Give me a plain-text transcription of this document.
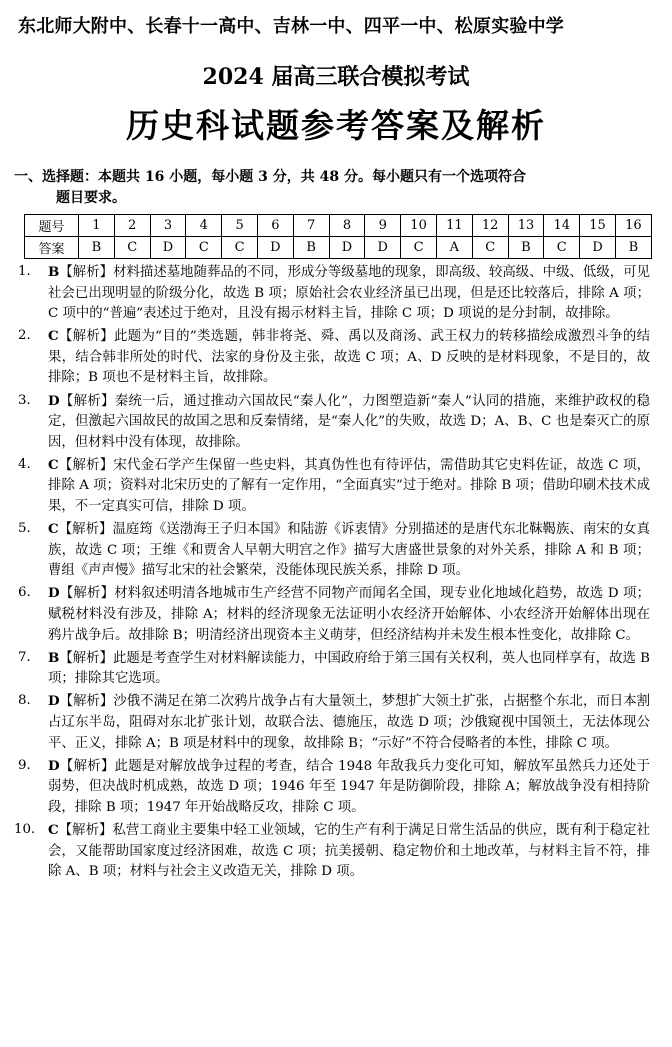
东北师大附中、长春十一高中、吉林一中、四平一中、松原实验中学
2024 届高三联合模拟考试
历史科试题参考答案及解析
一、选择题：本题共 16 小题，每小题 3 分，共 48 分。每小题只有一个选项符合
题目要求。
题号	1	2	3	4	5	6	7	8	9	10	11	12	13	14	15	16
答案	B	C	D	C	C	D	B	D	D	C	A	C	B	C	D	B
1． B【解析】材料描述墓地随葬品的不同，形成分等级墓地的现象，即高级、较高级、中级、低级，可见社会已出现明显的阶级分化，故选 B 项；原始社会农业经济虽已出现，但是还比较落后，排除 A 项；C 项中的“普遍”表述过于绝对，且没有揭示材料主旨，排除 C 项；D 项说的是分封制，故排除。
2． C【解析】此题为“目的”类选题，韩非将尧、舜、禹以及商汤、武王权力的转移描绘成激烈斗争的结果，结合韩非所处的时代、法家的身份及主张，故选 C 项；A、D 反映的是材料现象，不是目的，故排除；B 项也不是材料主旨，故排除。
3． D【解析】秦统一后，通过推动六国故民“秦人化”，力图塑造新“秦人”认同的措施，来维护政权的稳定，但激起六国故民的故国之思和反秦情绪，是“秦人化”的失败，故选 D；A、B、C 也是秦灭亡的原因，但材料中没有体现，故排除。
4． C【解析】宋代金石学产生保留一些史料，其真伪性也有待评估，需借助其它史料佐证，故选 C 项，排除 A 项；资料对北宋历史的了解有一定作用，“全面真实”过于绝对。排除 B 项；借助印刷术技术成果，不一定真实可信，排除 D 项。
5． C【解析】温庭筠《送渤海王子归本国》和陆游《诉衷情》分别描述的是唐代东北靺鞨族、南宋的女真族，故选 C 项；王维《和贾舍人早朝大明宫之作》描写大唐盛世景象的对外关系，排除 A 和 B 项；曹组《声声慢》描写北宋的社会繁荣，没能体现民族关系，排除 D 项。
6． D【解析】材料叙述明清各地城市生产经营不同物产而闻名全国，现专业化地域化趋势，故选 D 项；赋税材料没有涉及，排除 A；材料的经济现象无法证明小农经济开始解体、小农经济开始解体出现在鸦片战争后。故排除 B；明清经济出现资本主义萌芽，但经济结构并未发生根本性变化，故排除 C。
7． B【解析】此题是考查学生对材料解读能力，中国政府给于第三国有关权利，英人也同样享有，故选 B 项；排除其它选项。
8． D【解析】沙俄不满足在第二次鸦片战争占有大量领土，梦想扩大领土扩张，占据整个东北，而日本割占辽东半岛，阻碍对东北扩张计划，故联合法、德施压，故选 D 项；沙俄窥视中国领土，无法体现公平、正义，排除 A；B 项是材料中的现象，故排除 B；“示好”不符合侵略者的本性，排除 C 项。
9． D【解析】此题是对解放战争过程的考查，结合 1948 年敌我兵力变化可知，解放军虽然兵力还处于弱势，但决战时机成熟，故选 D 项；1946 年至 1947 年是防御阶段，排除 A；解放战争没有相持阶段，排除 B 项；1947 年开始战略反攻，排除 C 项。
10． C【解析】私营工商业主要集中轻工业领域，它的生产有利于满足日常生活品的供应，既有利于稳定社会，又能帮助国家度过经济困难，故选 C 项；抗美援朝、稳定物价和土地改革，与材料主旨不符，排除 A、B 项；材料与社会主义改造无关，排除 D 项。
